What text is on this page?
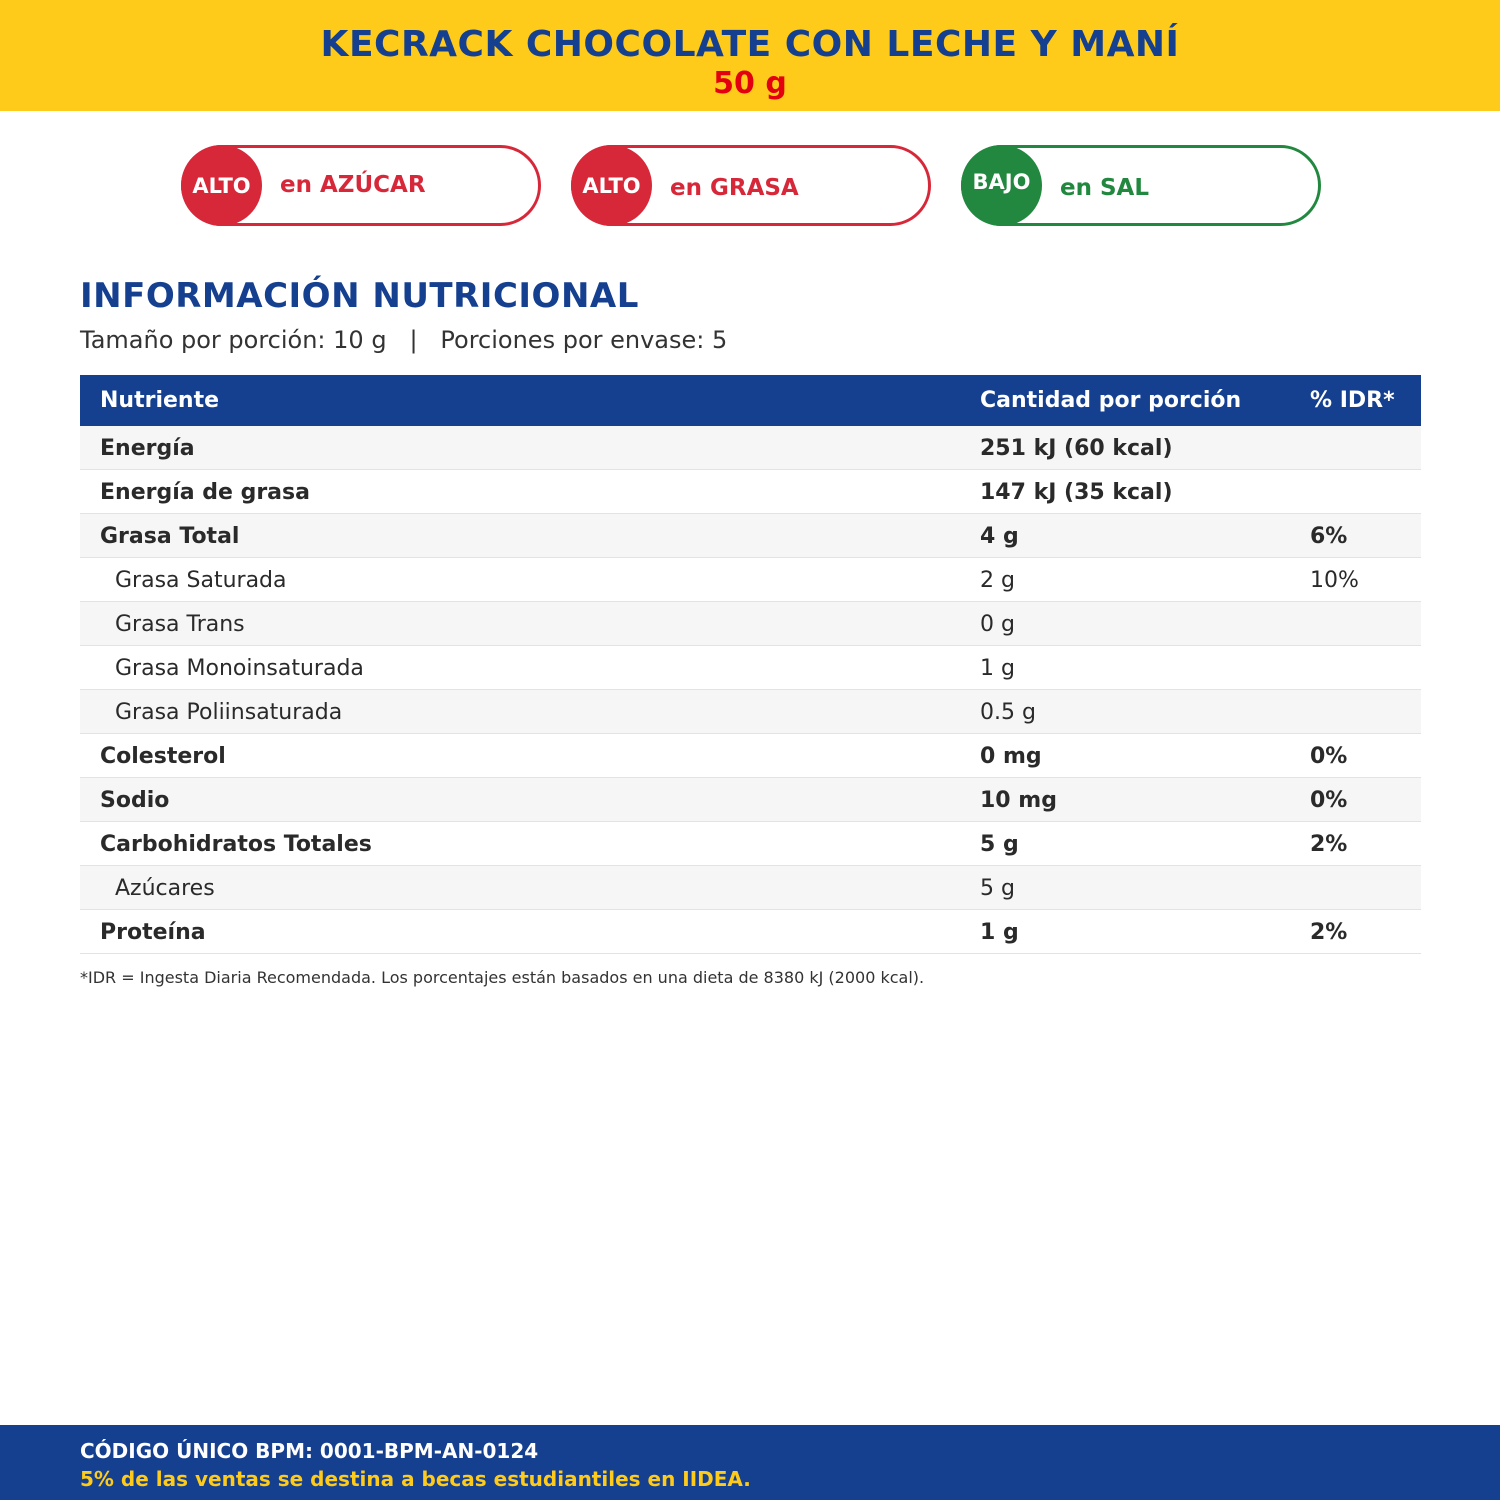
KECRACK CHOCOLATE CON LECHE Y MANÍ
50 g
ALTO	en AZÚCAR	ALTO	en GRASA	BAJO	en SAL
INFORMACIÓN NUTRICIONAL
Tamaño por porción: 10 g   |   Porciones por envase: 5
Nutriente	Cantidad por porción	% IDR*
Energía	251 kJ (60 kcal)
Energía de grasa	147 kJ (35 kcal)
Grasa Total	4 g	6%
Grasa Saturada	2 g	10%
Grasa Trans	0 g
Grasa Monoinsaturada	1 g
Grasa Poliinsaturada	0.5 g
Colesterol	0 mg	0%
Sodio	10 mg	0%
Carbohidratos Totales	5 g	2%
Azúcares	5 g
Proteína	1 g	2%
*IDR = Ingesta Diaria Recomendada. Los porcentajes están basados en una dieta de 8380 kJ (2000 kcal).
CÓDIGO ÚNICO BPM: 0001-BPM-AN-0124
5% de las ventas se destina a becas estudiantiles en IIDEA.
